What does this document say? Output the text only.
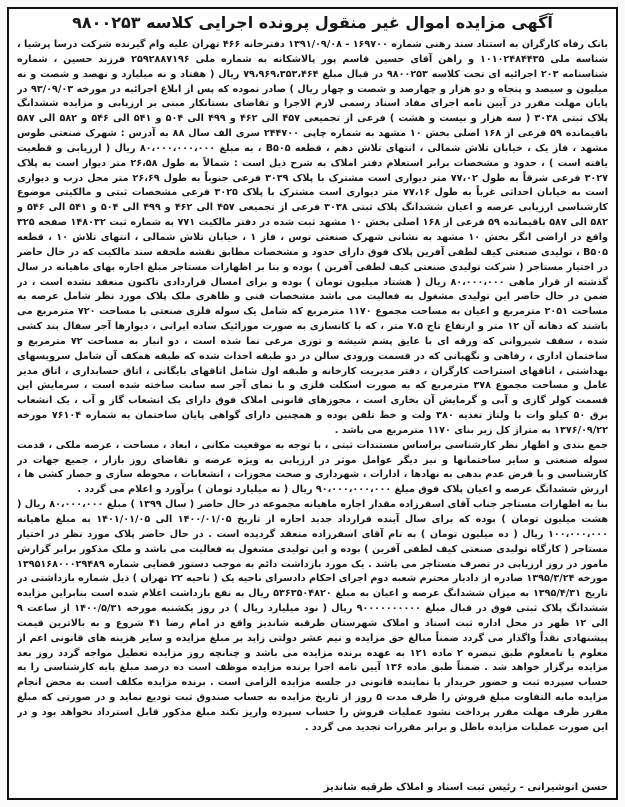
آگهی مزایده اموال غیر منقول پرونده اجرایی کلاسه ۹۸۰۰۲۵۳

بانک رفاه کارگران به استناد سند رهنی شماره ۱۶۹۷۰۰ - ۱۳۹۱/۰۹/۰۸ دفترخانه ۴۶۶ تهران علیه وام گیرنده شرکت درسا پرشیا ، شناسه ملی ۱۰۱۰۲۴۸۴۴۳۵ و راهن آقای حسین قاسم پور پالاشکانه به شماره ملی ۲۵۹۲۸۸۷۱۹۶ فرزند حسین ، شماره شناسنامه ۲۰۳ اجرائیه ای تحت کلاسه ۹۸۰۰۲۵۳ در قبال مبلغ ۷۹،۹۶۹،۳۵۳،۴۶۴ ریال ( هفتاد و نه میلیارد و نهصد و شصت و نه میلیون و سیصد و پنجاه و دو هزار و چهارصد و شصت و چهار ریال ) صادر نموده که پس از ابلاغ اجرائیه در مورخه ۹۳/۰۹/۰۳ در پایان مهلت مقرر در آیین نامه اجرای مفاد اسناد رسمی لازم الاجرا و تقاضای بستانکار مبنی بر ارزیابی و مزایده ششدانگ پلاک ثبتی ۳۰۳۸ ( سه هزار و بیست و هشت ) فرعی از تجمیعی ۴۵۷ الی ۴۶۲ و ۴۹۹ الی ۵۰۴ و ۵۴۱ الی ۵۴۶ و ۵۸۲ الی ۵۸۷ باقیمانده ۵۹ فرعی از ۱۶۸ اصلی بخش ۱۰ مشهد به شماره چاپی ۲۴۴۷۰۰ سری الف سال ۸۸ به آدرس : شهرک صنعتی طوس مشهد ، فاز یک ، خیابان تلاش شمالی ، انتهای تلاش دهم ، قطعه B۵۰۵ ، به مبلغ ۸۰،۰۰۰،۰۰۰،۰۰۰ ریال ( ارزیابی و قطعیت یافته است ) ، حدود و مشخصات برابر استعلام دفتر املاک به شرح ذیل است : شمالاً به طول ۲۶،۵۸ متر دیوار است به پلاک ۳۰۲۷ فرعی شرقاً به طول ۷۷،۰۲ متر دیواری است مشترک با پلاک ۳۰۳۹ فرعی جنوباً به طول ۲۶،۶۹ متر محل درب و دیواری است به خیابان احداثی غرباً به طول ۷۷،۱۶ متر دیواری است مشترک با پلاک ۳۰۲۵ فرعی مشخصات ثبتی و مالکیتی موضوع کارشناسی ارزیابی عرصه و اعیان ششدانگ پلاک ثبتی ۳۰۳۸ فرعی از تجمیعی ۴۵۷ الی ۴۶۲ و ۴۹۹ الی ۵۰۴ و ۵۴۱ الی ۵۴۶ و ۵۸۲ الی ۵۸۷ باقیمانده ۵۹ فرعی از ۱۶۸ اصلی بخش ۱۰ مشهد ثبت شده در دفتر مالکیت ۷۷۱ به شماره ثبت ۱۴۸۰۳۲ صفحه ۳۲۵ واقع در اراضی انگر بخش ۱۰ مشهد به نشانی شهرک صنعتی توس ، فاز ۱ ، خیابان تلاش شمالی ، انتهای تلاش ۱۰ ، قطعه B۵۰۵ ، تولیدی صنعتی کیف لطفی آفرین پلاک فوق دارای حدود و مشخصات مطابق نقشه ملحقه سند مالکیت که در حال حاضر در اختیار مستاجر ( شرکت تولیدی صنعتی کیف لطفی آفرین ) بوده و بنا بر اظهارات مستاجر مبلغ اجاره بهای ماهیانه در سال گذشته از قرار ماهی ۸۰،۰۰۰،۰۰۰ ریال ( هشتاد میلیون تومان ) بوده و برای امسال قراردادی تاکنون منعقد نشده است ، در ضمن در حال حاضر این تولیدی مشغول به فعالیت می باشد مشخصات فنی و ظاهری ملک پلاک مورد نظر شامل عرصه به مساحت ۲۰۵۱ مترمربع و اعیان به مساحت مجموع ۱۱۷۰ مترمربع که شامل یک سوله فلزی صنعتی با مساحت ۷۲۰ مترمربع می باشند که دهانه آن ۱۲ متر و ارتفاع تاج ۷.۵ متر ، که با کانسازی به صورت موزائیک ساده ایرانی ، دیوارها آجر سفال بند کشی شده ، سقف شیروانی که ورقه ای با عایق پشم شیشه و توری مرغی نما شده است ، دو انبار به مساحت ۷۲ مترمربع و ساختمان اداری ، رفاهی و نگهبانی که در قسمت ورودی سالن در دو طبقه احداث شده که طبقه همکف آن شامل سرویسهای بهداشتی ، اتاقهای استراحت کارگران ، دفتر مدیریت کارخانه و طبقه اول شامل اتاقهای بایگانی ، اتاق حسابداری ، اتاق مدیر عامل و مساحت مجموع ۳۷۸ مترمربع که به صورت اسکلت فلزی و با نمای آجر سه سانت ساخته شده است ، سرمایش این قسمت کولر گازی و آبی و گرمایش آن بخاری است ، مجوزهای قانونی املاک فوق دارای یک انشعاب گاز و آب ، یک انشعاب برق ۵۰ کیلو وات با ولتاژ تغذیه ۳۸۰ ولت و خط تلفن بوده و همچنین دارای گواهی پایان ساختمان به شماره ۷۶۱۰۴ مورخه ۱۳۷۶/۰۹/۲۲ به متراژ کل زیر بنای ۱۱۷۰ مترمربع می باشد .

جمع بندی و اظهار نظر کارشناسی براساس مستندات ثبتی ، با توجه به موقعیت مکانی ، ابعاد ، مساحت ، عرصه ملکی ، قدمت سوله صنعتی و سایر ساختمانها و نیز دیگر عوامل موثر در ارزیابی به ویژه عرضه و تقاضای روز بازار ، جمیع جهات در کارشناسی و با فرض عدم بدهی به نهادها ، ادارات ، شهرداری و صحت مجوزات ، انشعابات ، محوطه سازی و حصار کشی ها ، ارزش ششدانگ عرصه و اعیان پلاک فوق مبلغ ۹۰،۰۰۰،۰۰۰،۰۰۰ ریال ( نه میلیارد تومان ) برآورد و اعلام می گردد .

بنا به اظهارات مستاجر جناب آقای اسفرزاده مقدار اجاره ماهیانه مجموعه در حال حاضر ( سال ۱۳۹۹ ) مبلغ ۸۰،۰۰۰،۰۰۰ ریال ( هشت میلیون تومان ) بوده که برای سال آینده قرارداد جدید اجاره از تاریخ ۱۴۰۰/۰۱/۰۵ الی ۱۴۰۱/۰۱/۰۵ به مبلغ ماهیانه ۱۰۰،۰۰۰،۰۰۰ ریال ( ده میلیون تومان ) به نام آقای اسفرزاده منعقد گردیده است . در حال حاضر پلاک مورد نظر در اختیار مستاجر ( کارگاه تولیدی صنعتی کیف لطفی آفرین ) بوده و این تولیدی مشغول به فعالیت می باشد و ملک مذکور برابر گزارش مامور در روز ارزیابی در تصرف مستاجر می باشد . یک مورد بازداشت دائم به موجب دستور قضایی شماره ۱۳۹۵۱۶۸۰۰۰۲۹۴۸۹ مورخه ۱۳۹۵/۳/۲۴ صادره از دادیار محترم شعبه دوم اجرای احکام دادسرای ناحیه یک ( ناحیه ۲۲ تهران ) ذیل شماره بازداشتی در تاریخ ۱۳۹۵/۴/۳۱ به میزان ششدانگ عرصه و اعیان به مبلغ ۵۳۶۳۵۰۴۸۲۰ ریال به نفع بازداشت اعلام شده است بنابراین مزایده ششدانگ پلاک ثبتی فوق در قبال مبلغ ۹۰۰۰۰۰۰۰۰۰۰ ریال ( نود میلیارد ریال ) در روز یکشنبه مورخه ۱۴۰۰/۵/۳۱ از ساعت ۹ الی ۱۲ ظهر در محل اداره ثبت اسناد و املاک شهرستان طرقبه شاندیز واقع در امام رضا ۴۱ شروع و به بالاترین قیمت پیشنهادی نقداً واگذار می گردد ضمناً مبالغ حق مزایده و نیم عشر دولتی زاید بر مبلغ مزایده و سایر هزینه های قانونی اعم از معلوم یا نامعلوم طبق تبصره ۲ ماده ۱۲۱ به عهده برنده مزایده می باشد و چنانچه روز مزایده تعطیل مواجه گردد روز بعد مزایده برگزار خواهد شد . ضمناً طبق ماده ۱۳۶ آیین نامه اجرا برنده مزایده موظف است ده درصد مبلغ پایه کارشناسی را به حساب سپرده ثبت و حضور خریدار یا نماینده قانونی در جلسه مزایده الزامی است . برنده مزایده مکلف است به محض انجام مزایده مابه التفاوت مبلغ فروش را ظرف مدت ۵ روز از تاریخ مزایده به حساب صندوق ثبت تودیع نماید و در صورتی که مبلغ مقرر ظرف مهلت مقرر پرداخت نشود عملیات فروش را حساب سپرده واریز نکند مبلغ مذکور قابل استرداد نخواهد بود و در این صورت عملیات مزایده باطل و برابر مقررات تجدید می گردد .

حسن انوشیرانی - رئیس ثبت اسناد و املاک طرقبه شاندیز
